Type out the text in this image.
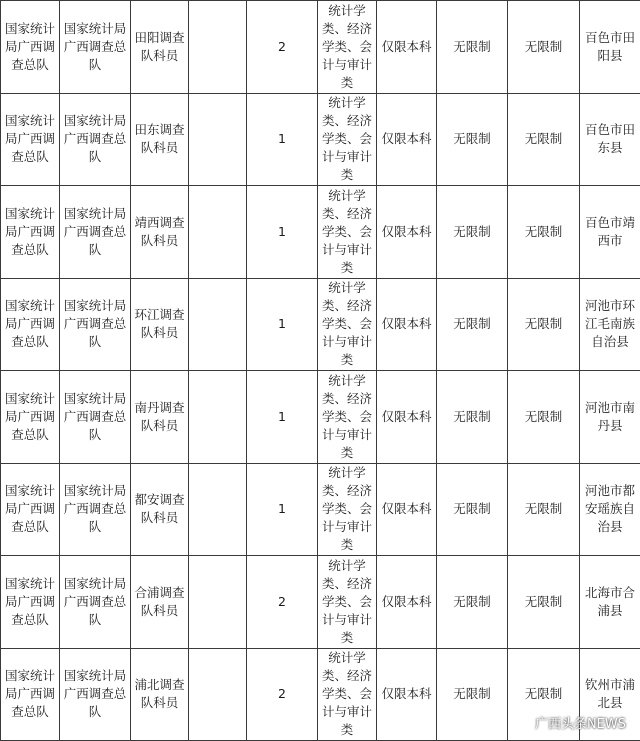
国家统计局广西调查总队	国家统计局广西调查总队	田阳调查队科员		2	统计学类、经济学类、会计与审计类	仅限本科	无限制	无限制	百色市田阳县
国家统计局广西调查总队	国家统计局广西调查总队	田东调查队科员		1	统计学类、经济学类、会计与审计类	仅限本科	无限制	无限制	百色市田东县
国家统计局广西调查总队	国家统计局广西调查总队	靖西调查队科员		1	统计学类、经济学类、会计与审计类	仅限本科	无限制	无限制	百色市靖西市
国家统计局广西调查总队	国家统计局广西调查总队	环江调查队科员		1	统计学类、经济学类、会计与审计类	仅限本科	无限制	无限制	河池市环江毛南族自治县
国家统计局广西调查总队	国家统计局广西调查总队	南丹调查队科员		1	统计学类、经济学类、会计与审计类	仅限本科	无限制	无限制	河池市南丹县
国家统计局广西调查总队	国家统计局广西调查总队	都安调查队科员		1	统计学类、经济学类、会计与审计类	仅限本科	无限制	无限制	河池市都安瑶族自治县
国家统计局广西调查总队	国家统计局广西调查总队	合浦调查队科员		2	统计学类、经济学类、会计与审计类	仅限本科	无限制	无限制	北海市合浦县
国家统计局广西调查总队	国家统计局广西调查总队	浦北调查队科员		2	统计学类、经济学类、会计与审计类	仅限本科	无限制	无限制	钦州市浦北县
广西头条NEWS
